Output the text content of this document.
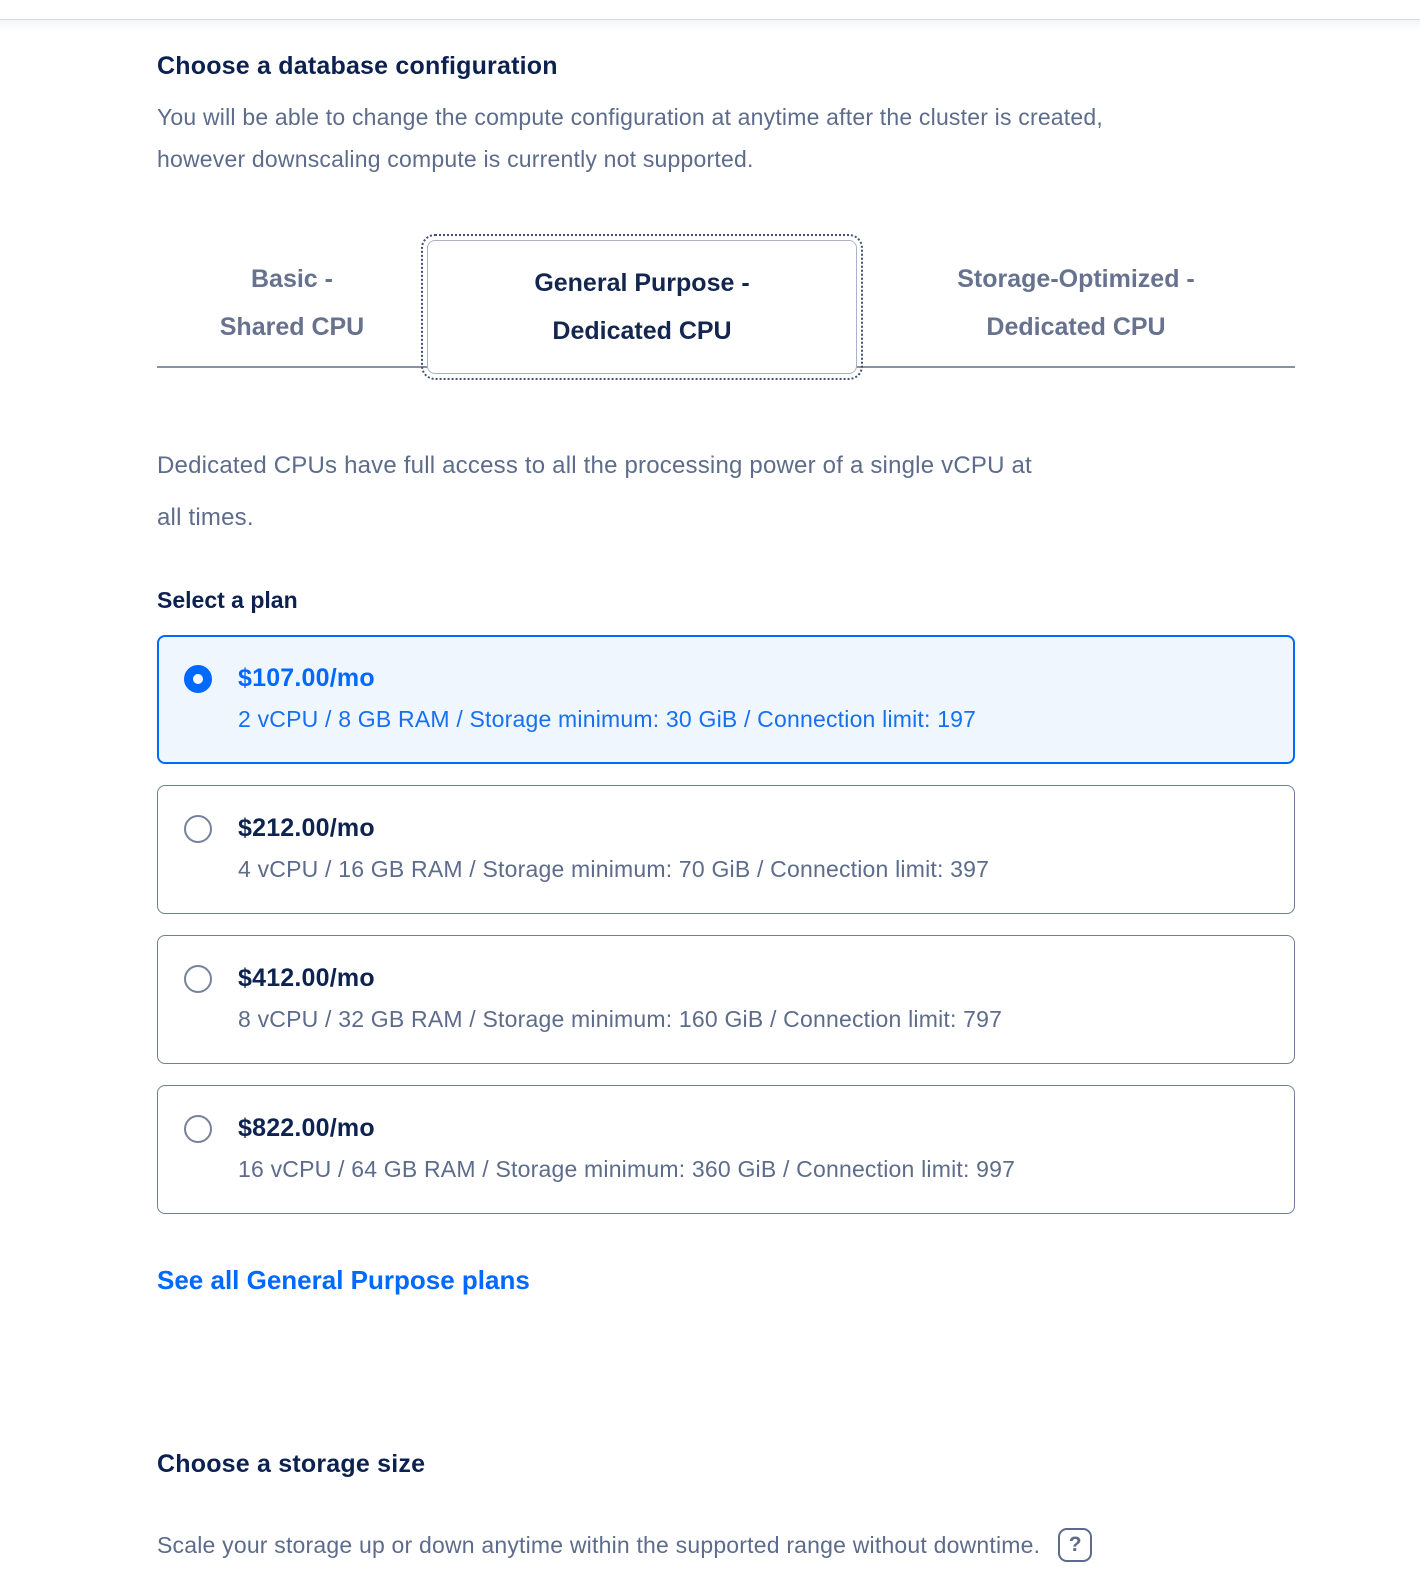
Choose a database configuration
You will be able to change the compute configuration at anytime after the cluster is created,
however downscaling compute is currently not supported.
Basic -
Shared CPU
General Purpose -
Dedicated CPU
Storage-Optimized -
Dedicated CPU
Dedicated CPUs have full access to all the processing power of a single vCPU at
all times.
Select a plan
$107.00/mo
2 vCPU / 8 GB RAM / Storage minimum: 30 GiB / Connection limit: 197
$212.00/mo
4 vCPU / 16 GB RAM / Storage minimum: 70 GiB / Connection limit: 397
$412.00/mo
8 vCPU / 32 GB RAM / Storage minimum: 160 GiB / Connection limit: 797
$822.00/mo
16 vCPU / 64 GB RAM / Storage minimum: 360 GiB / Connection limit: 997
See all General Purpose plans
Choose a storage size
Scale your storage up or down anytime within the supported range without downtime.	?
